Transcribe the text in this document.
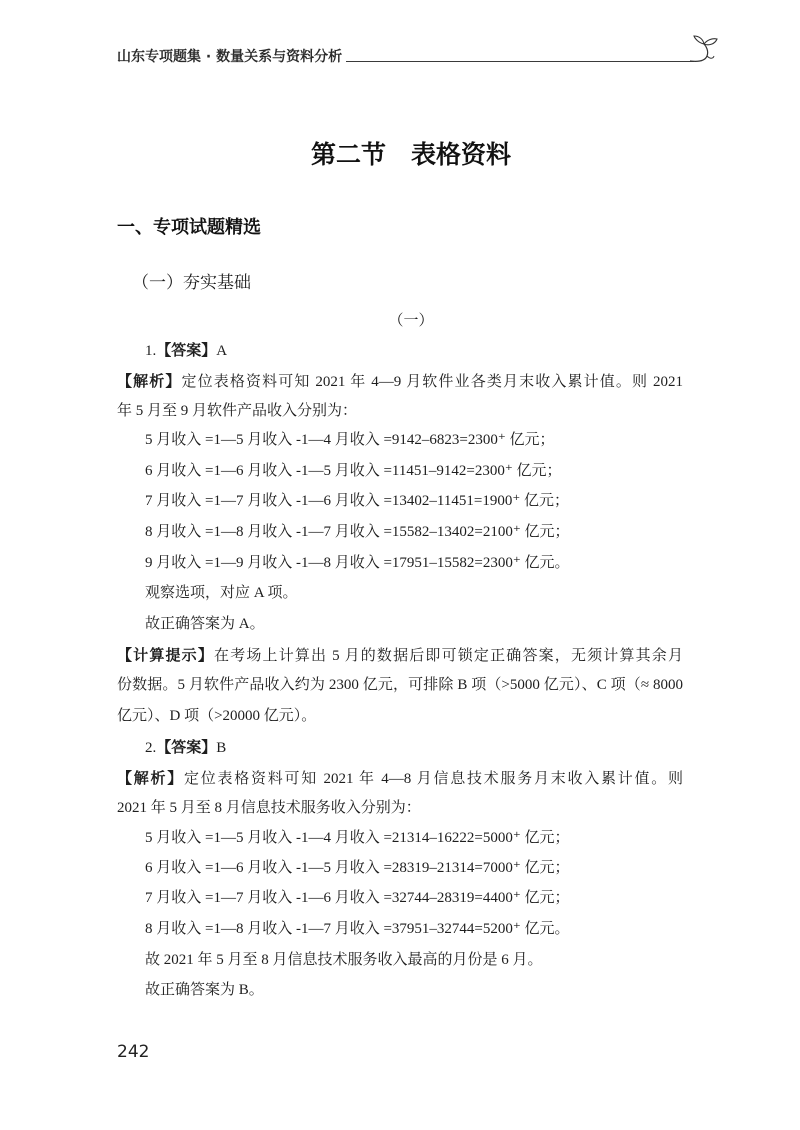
山东专项题集 · 数量关系与资料分析
第二节　表格资料
一、专项试题精选
（一）夯实基础
（一）
1.【答案】A
【解析】定位表格资料可知 2021 年 4—9 月软件业各类月末收入累计值。则 2021
年 5 月至 9 月软件产品收入分别为：
5 月收入 =1—5 月收入 -1—4 月收入 =9142–6823=2300⁺ 亿元；
6 月收入 =1—6 月收入 -1—5 月收入 =11451–9142=2300⁺ 亿元；
7 月收入 =1—7 月收入 -1—6 月收入 =13402–11451=1900⁺ 亿元；
8 月收入 =1—8 月收入 -1—7 月收入 =15582–13402=2100⁺ 亿元；
9 月收入 =1—9 月收入 -1—8 月收入 =17951–15582=2300⁺ 亿元。
观察选项，对应 A 项。
故正确答案为 A。
【计算提示】在考场上计算出 5 月的数据后即可锁定正确答案，无须计算其余月
份数据。5 月软件产品收入约为 2300 亿元，可排除 B 项（>5000 亿元）、C 项（≈ 8000
亿元）、D 项（>20000 亿元）。
2.【答案】B
【解析】定位表格资料可知 2021 年 4—8 月信息技术服务月末收入累计值。则
2021 年 5 月至 8 月信息技术服务收入分别为：
5 月收入 =1—5 月收入 -1—4 月收入 =21314–16222=5000⁺ 亿元；
6 月收入 =1—6 月收入 -1—5 月收入 =28319–21314=7000⁺ 亿元；
7 月收入 =1—7 月收入 -1—6 月收入 =32744–28319=4400⁺ 亿元；
8 月收入 =1—8 月收入 -1—7 月收入 =37951–32744=5200⁺ 亿元。
故 2021 年 5 月至 8 月信息技术服务收入最高的月份是 6 月。
故正确答案为 B。
242
